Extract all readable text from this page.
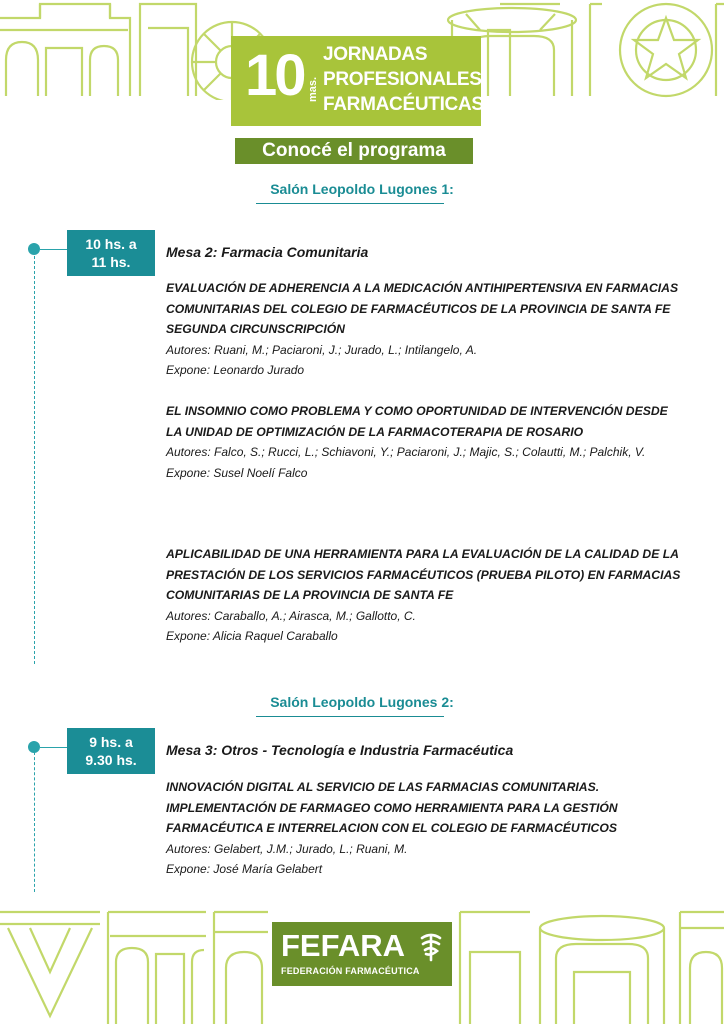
10 mas.
JORNADAS
PROFESIONALES
FARMACÉUTICAS
Conocé el programa
Salón Leopoldo Lugones 1:
10 hs. a
11 hs.
Mesa 2: Farmacia Comunitaria
EVALUACIÓN DE ADHERENCIA A LA MEDICACIÓN ANTIHIPERTENSIVA EN FARMACIAS COMUNITARIAS DEL COLEGIO DE FARMACÉUTICOS DE LA PROVINCIA DE SANTA FE SEGUNDA CIRCUNSCRIPCIÓN
Autores: Ruani, M.; Paciaroni, J.; Jurado, L.; Intilangelo, A.
Expone: Leonardo Jurado
EL INSOMNIO COMO PROBLEMA Y COMO OPORTUNIDAD DE INTERVENCIÓN DESDE LA UNIDAD DE OPTIMIZACIÓN DE LA FARMACOTERAPIA DE ROSARIO
Autores: Falco, S.; Rucci, L.; Schiavoni, Y.; Paciaroni, J.; Majic, S.; Colautti, M.; Palchik, V.
Expone: Susel Noelí Falco
APLICABILIDAD DE UNA HERRAMIENTA PARA LA EVALUACIÓN DE LA CALIDAD DE LA PRESTACIÓN DE LOS SERVICIOS FARMACÉUTICOS (PRUEBA PILOTO) EN FARMACIAS COMUNITARIAS DE LA PROVINCIA DE SANTA FE
Autores: Caraballo, A.; Airasca, M.; Gallotto, C.
Expone: Alicia Raquel Caraballo
Salón Leopoldo Lugones 2:
9 hs. a
9.30 hs.
Mesa 3: Otros - Tecnología e Industria Farmacéutica
INNOVACIÓN DIGITAL AL SERVICIO DE LAS FARMACIAS COMUNITARIAS. IMPLEMENTACIÓN DE FARMAGEO COMO HERRAMIENTA PARA LA GESTIÓN FARMACÉUTICA E INTERRELACION CON EL COLEGIO DE FARMACÉUTICOS
Autores: Gelabert, J.M.; Jurado, L.; Ruani, M.
Expone: José María Gelabert
FEFARA
FEDERACIÓN FARMACÉUTICA
